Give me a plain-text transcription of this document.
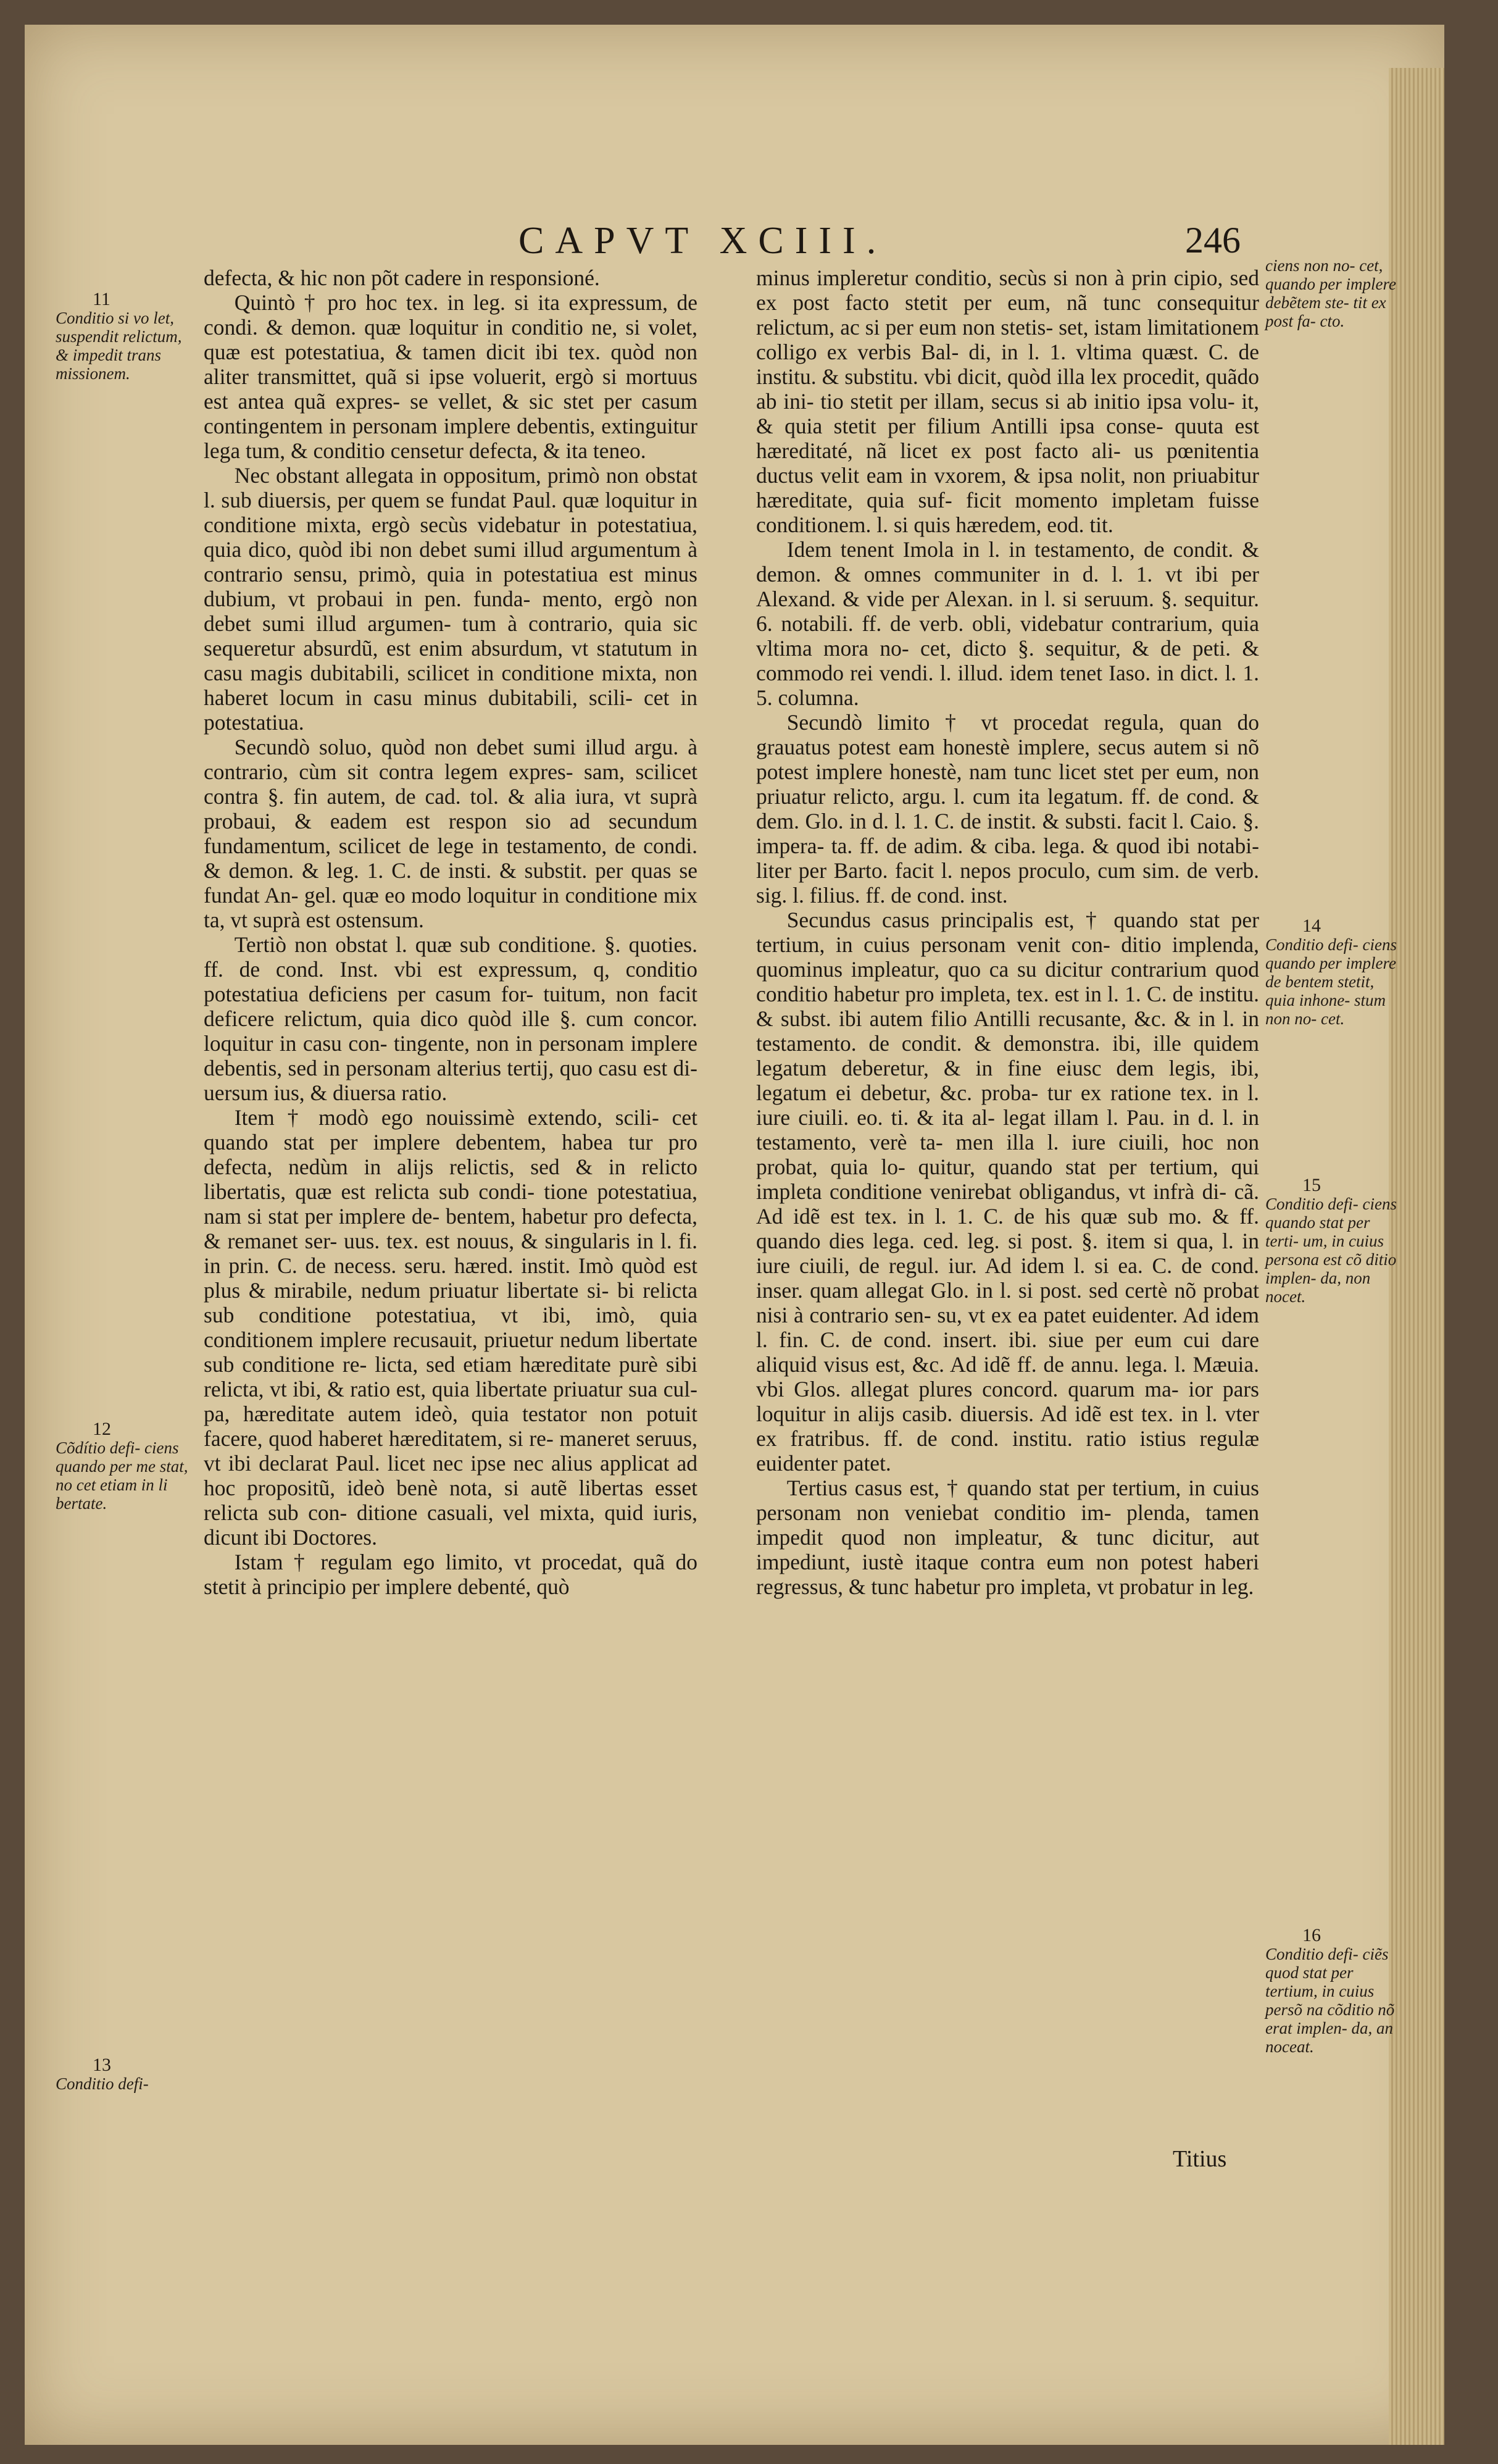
CAPVT XCIII.	246

defecta, & hic non põt cadere in responsioné.

Quintò † pro hoc tex. in leg. si ita expressum, de condi. & demon. quæ loquitur in conditio ne, si volet, quæ est potestatiua, & tamen dicit ibi tex. quòd non aliter transmittet, quã si ipse voluerit, ergò si mortuus est antea quã expres- se vellet, & sic stet per casum contingentem in personam implere debentis, extinguitur lega tum, & conditio censetur defecta, & ita teneo.

Nec obstant allegata in oppositum, primò non obstat l. sub diuersis, per quem se fundat Paul. quæ loquitur in conditione mixta, ergò secùs videbatur in potestatiua, quia dico, quòd ibi non debet sumi illud argumentum à contrario sensu, primò, quia in potestatiua est minus dubium, vt probaui in pen. funda- mento, ergò non debet sumi illud argumen- tum à contrario, quia sic sequeretur absurdũ, est enim absurdum, vt statutum in casu magis dubitabili, scilicet in conditione mixta, non haberet locum in casu minus dubitabili, scili- cet in potestatiua.

Secundò soluo, quòd non debet sumi illud argu. à contrario, cùm sit contra legem expres- sam, scilicet contra §. fin autem, de cad. tol. & alia iura, vt suprà probaui, & eadem est respon sio ad secundum fundamentum, scilicet de lege in testamento, de condi. & demon. & leg. 1. C. de insti. & substit. per quas se fundat An- gel. quæ eo modo loquitur in conditione mix ta, vt suprà est ostensum.

Tertiò non obstat l. quæ sub conditione. §. quoties. ff. de cond. Inst. vbi est expressum, q, conditio potestatiua deficiens per casum for- tuitum, non facit deficere relictum, quia dico quòd ille §. cum concor. loquitur in casu con- tingente, non in personam implere debentis, sed in personam alterius tertij, quo casu est di- uersum ius, & diuersa ratio.

Item † modò ego nouissimè extendo, scili- cet quando stat per implere debentem, habea tur pro defecta, nedùm in alijs relictis, sed & in relicto libertatis, quæ est relicta sub condi- tione potestatiua, nam si stat per implere de- bentem, habetur pro defecta, & remanet ser- uus. tex. est nouus, & singularis in l. fi. in prin. C. de necess. seru. hæred. instit. Imò quòd est plus & mirabile, nedum priuatur libertate si- bi relicta sub conditione potestatiua, vt ibi, imò, quia conditionem implere recusauit, priuetur nedum libertate sub conditione re- licta, sed etiam hæreditate purè sibi relicta, vt ibi, & ratio est, quia libertate priuatur sua cul- pa, hæreditate autem ideò, quia testator non potuit facere, quod haberet hæreditatem, si re- maneret seruus, vt ibi declarat Paul. licet nec ipse nec alius applicat ad hoc propositũ, ideò benè nota, si autẽ libertas esset relicta sub con- ditione casuali, vel mixta, quid iuris, dicunt ibi Doctores.

Istam † regulam ego limito, vt procedat, quã do stetit à principio per implere debenté, quò

minus impleretur conditio, secùs si non à prin cipio, sed ex post facto stetit per eum, nã tunc consequitur relictum, ac si per eum non stetis- set, istam limitationem colligo ex verbis Bal- di, in l. 1. vltima quæst. C. de institu. & substitu. vbi dicit, quòd illa lex procedit, quãdo ab ini- tio stetit per illam, secus si ab initio ipsa volu- it, & quia stetit per filium Antilli ipsa conse- quuta est hæreditaté, nã licet ex post facto ali- us pœnitentia ductus velit eam in vxorem, & ipsa nolit, non priuabitur hæreditate, quia suf- ficit momento impletam fuisse conditionem. l. si quis hæredem, eod. tit.

Idem tenent Imola in l. in testamento, de condit. & demon. & omnes communiter in d. l. 1. vt ibi per Alexand. & vide per Alexan. in l. si seruum. §. sequitur. 6. notabili. ff. de verb. obli, videbatur contrarium, quia vltima mora no- cet, dicto §. sequitur, & de peti. & commodo rei vendi. l. illud. idem tenet Iaso. in dict. l. 1. 5. columna.

Secundò limito † vt procedat regula, quan do grauatus potest eam honestè implere, secus autem si nõ potest implere honestè, nam tunc licet stet per eum, non priuatur relicto, argu. l. cum ita legatum. ff. de cond. & dem. Glo. in d. l. 1. C. de instit. & substi. facit l. Caio. §. impera- ta. ff. de adim. & ciba. lega. & quod ibi notabi- liter per Barto. facit l. nepos proculo, cum sim. de verb. sig. l. filius. ff. de cond. inst.

Secundus casus principalis est, † quando stat per tertium, in cuius personam venit con- ditio implenda, quominus impleatur, quo ca su dicitur contrarium quod conditio habetur pro impleta, tex. est in l. 1. C. de institu. & subst. ibi autem filio Antilli recusante, &c. & in l. in testamento. de condit. & demonstra. ibi, ille quidem legatum deberetur, & in fine eiusc dem legis, ibi, legatum ei debetur, &c. proba- tur ex ratione tex. in l. iure ciuili. eo. ti. & ita al- legat illam l. Pau. in d. l. in testamento, verè ta- men illa l. iure ciuili, hoc non probat, quia lo- quitur, quando stat per tertium, qui impleta conditione venirebat obligandus, vt infrà di- cã. Ad idẽ est tex. in l. 1. C. de his quæ sub mo. & ff. quando dies lega. ced. leg. si post. §. item si qua, l. in iure ciuili, de regul. iur. Ad idem l. si ea. C. de cond. inser. quam allegat Glo. in l. si post. sed certè nõ probat nisi à contrario sen- su, vt ex ea patet euidenter. Ad idem l. fin. C. de cond. insert. ibi. siue per eum cui dare aliquid visus est, &c. Ad idẽ ff. de annu. lega. l. Mæuia. vbi Glos. allegat plures concord. quarum ma- ior pars loquitur in alijs casib. diuersis. Ad idẽ est tex. in l. vter ex fratribus. ff. de cond. institu. ratio istius regulæ euidenter patet.

Tertius casus est, † quando stat per tertium, in cuius personam non veniebat conditio im- plenda, tamen impedit quod non impleatur, & tunc dicitur, aut impediunt, iustè itaque contra eum non potest haberi regressus, & tunc habetur pro impleta, vt probatur in leg.

Titius
11
Conditio si vo let, suspendit relictum, & impedit trans missionem.
12
Cõdítio defi- ciens quando per me stat, no cet etiam in li bertate.
13
Conditio defi-
ciens non no- cet, quando per implere debẽtem ste- tit ex post fa- cto.
14
Conditio defi- ciens quando per implere de bentem stetit, quia inhone- stum non no- cet.
15
Conditio defi- ciens quando stat per terti- um, in cuius persona est cõ ditio implen- da, non nocet.
16
Conditio defi- ciẽs quod stat per tertium, in cuius persõ na cõditio nõ erat implen- da, an noceat.
